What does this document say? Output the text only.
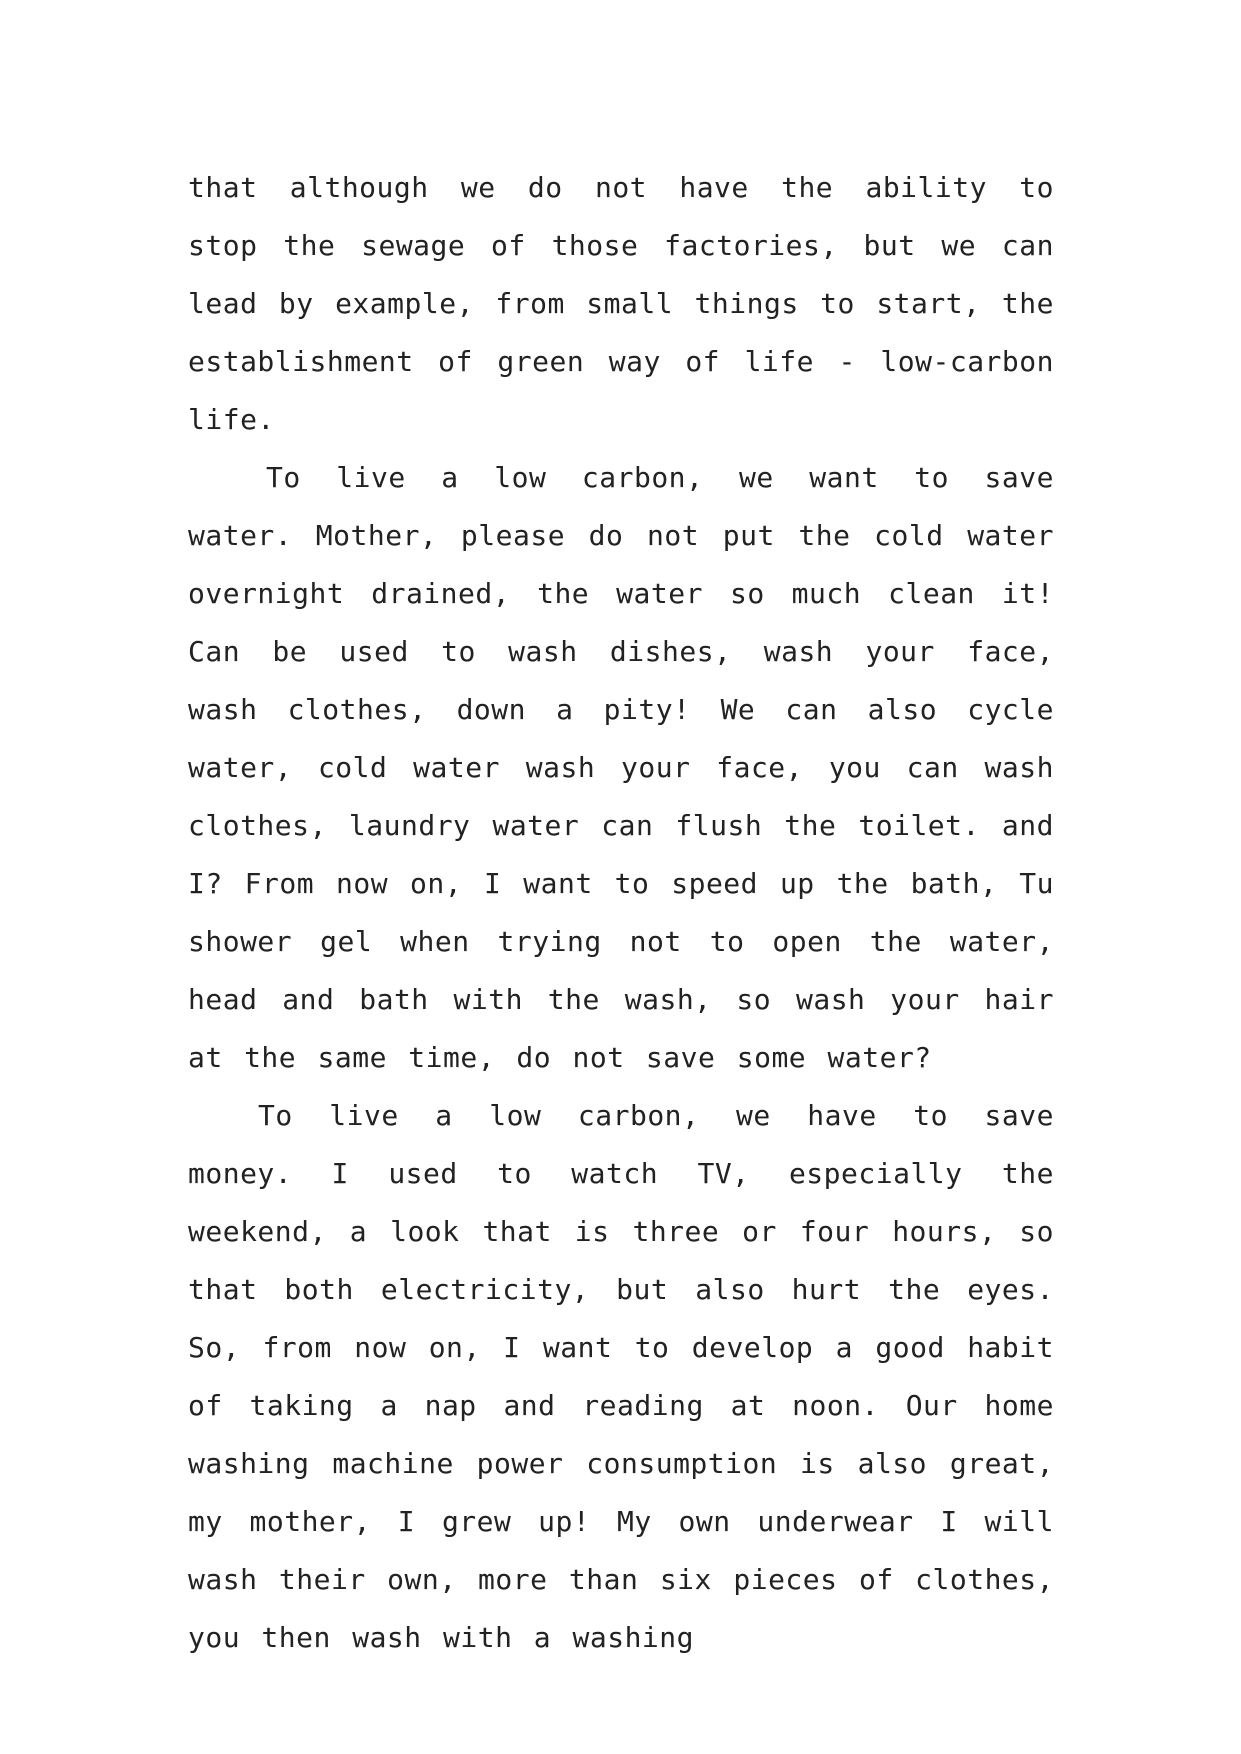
that although we do not have the ability to stop the sewage of those factories, but we can lead by example, from small things to start, the establishment of green way of life - low-carbon life.

To live a low carbon, we want to save water. Mother, please do not put the cold water overnight drained, the water so much clean it! Can be used to wash dishes, wash your face, wash clothes, down a pity! We can also cycle water, cold water wash your face, you can wash clothes, laundry water can flush the toilet. and I? From now on, I want to speed up the bath, Tu shower gel when trying not to open the water, head and bath with the wash, so wash your hair at the same time, do not save some water?

To live a low carbon, we have to save money. I used to watch TV, especially the weekend, a look that is three or four hours, so that both electricity, but also hurt the eyes. So, from now on, I want to develop a good habit of taking a nap and reading at noon. Our home washing machine power consumption is also great, my mother, I grew up! My own underwear I will wash their own, more than six pieces of clothes, you then wash with a washing
